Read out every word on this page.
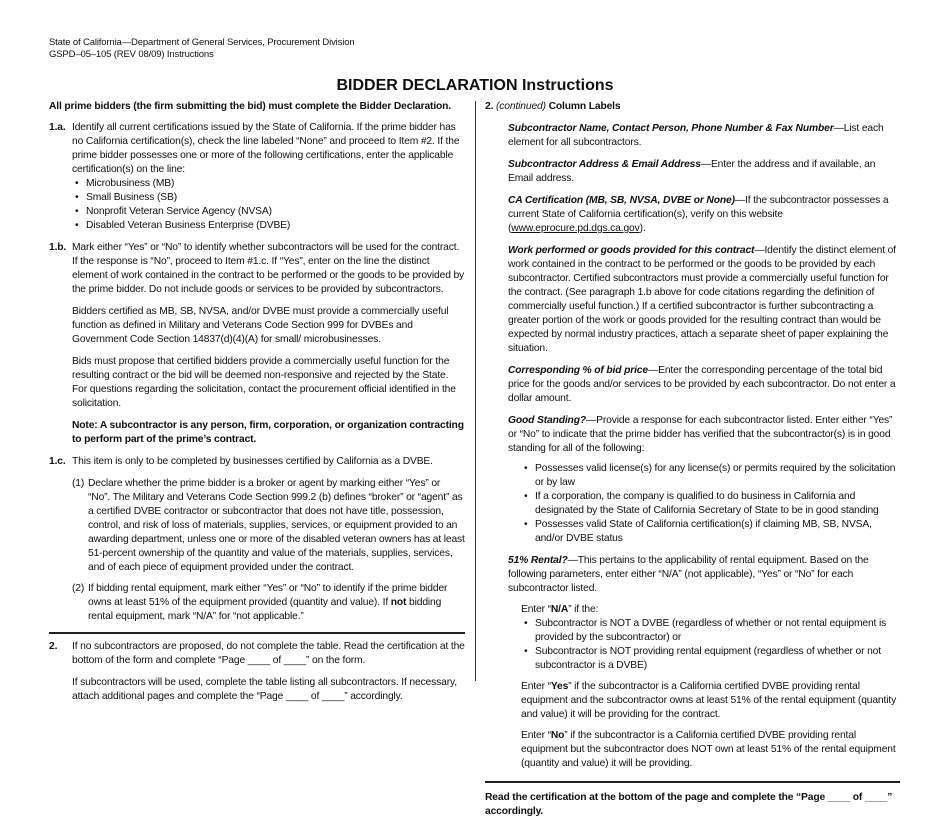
State of California—Department of General Services, Procurement Division
GSPD–05–105 (REV 08/09) Instructions
BIDDER DECLARATION Instructions

All prime bidders (the firm submitting the bid) must complete the Bidder Declaration.

1.a. Identify all current certifications issued by the State of California. If the prime bidder has no California certification(s), check the line labeled “None” and proceed to Item #2. If the prime bidder possesses one or more of the following certifications, enter the applicable certification(s) on the line:

• Microbusiness (MB)
• Small Business (SB)
• Nonprofit Veteran Service Agency (NVSA)
• Disabled Veteran Business Enterprise (DVBE)
1.b. Mark either “Yes” or “No” to identify whether subcontractors will be used for the contract. If the response is “No”, proceed to Item #1.c. If “Yes”, enter on the line the distinct element of work contained in the contract to be performed or the goods to be provided by the prime bidder. Do not include goods or services to be provided by subcontractors.

Bidders certified as MB, SB, NVSA, and/or DVBE must provide a commercially useful function as defined in Military and Veterans Code Section 999 for DVBEs and Government Code Section 14837(d)(4)(A) for small/ microbusinesses.

Bids must propose that certified bidders provide a commercially useful function for the resulting contract or the bid will be deemed non-responsive and rejected by the State. For questions regarding the solicitation, contact the procurement official identified in the solicitation.

Note: A subcontractor is any person, firm, corporation, or organization contracting to perform part of the prime’s contract.

1.c. This item is only to be completed by businesses certified by California as a DVBE.

(1) Declare whether the prime bidder is a broker or agent by marking either “Yes” or “No”. The Military and Veterans Code Section 999.2 (b) defines “broker” or “agent” as a certified DVBE contractor or subcontractor that does not have title, possession, control, and risk of loss of materials, supplies, services, or equipment provided to an awarding department, unless one or more of the disabled veteran owners has at least 51-percent ownership of the quantity and value of the materials, supplies, services, and of each piece of equipment provided under the contract.

(2) If bidding rental equipment, mark either “Yes” or “No” to identify if the prime bidder owns at least 51% of the equipment provided (quantity and value). If not bidding rental equipment, mark “N/A” for “not applicable.”

2. If no subcontractors are proposed, do not complete the table. Read the certification at the bottom of the form and complete “Page ____ of ____” on the form.

If subcontractors will be used, complete the table listing all subcontractors. If necessary, attach additional pages and complete the “Page ____ of ____” accordingly.

2. (continued) Column Labels

Subcontractor Name, Contact Person, Phone Number & Fax Number—List each element for all subcontractors.

Subcontractor Address & Email Address—Enter the address and if available, an Email address.

CA Certification (MB, SB, NVSA, DVBE or None)—If the subcontractor possesses a current State of California certification(s), verify on this website (www.eprocure.pd.dgs.ca.gov).

Work performed or goods provided for this contract—Identify the distinct element of work contained in the contract to be performed or the goods to be provided by each subcontractor. Certified subcontractors must provide a commercially useful function for the contract. (See paragraph 1.b above for code citations regarding the definition of commercially useful function.) If a certified subcontractor is further subcontracting a greater portion of the work or goods provided for the resulting contract than would be expected by normal industry practices, attach a separate sheet of paper explaining the situation.

Corresponding % of bid price—Enter the corresponding percentage of the total bid price for the goods and/or services to be provided by each subcontractor. Do not enter a dollar amount.

Good Standing?—Provide a response for each subcontractor listed. Enter either “Yes” or “No” to indicate that the prime bidder has verified that the subcontractor(s) is in good standing for all of the following:

• Possesses valid license(s) for any license(s) or permits required by the solicitation or by law
• If a corporation, the company is qualified to do business in California and designated by the State of California Secretary of State to be in good standing
• Possesses valid State of California certification(s) if claiming MB, SB, NVSA, and/or DVBE status

51% Rental?—This pertains to the applicability of rental equipment. Based on the following parameters, enter either “N/A” (not applicable), “Yes” or “No” for each subcontractor listed.

Enter “N/A” if the:

• Subcontractor is NOT a DVBE (regardless of whether or not rental equipment is provided by the subcontractor) or
• Subcontractor is NOT providing rental equipment (regardless of whether or not subcontractor is a DVBE)

Enter “Yes” if the subcontractor is a California certified DVBE providing rental equipment and the subcontractor owns at least 51% of the rental equipment (quantity and value) it will be providing for the contract.

Enter “No” if the subcontractor is a California certified DVBE providing rental equipment but the subcontractor does NOT own at least 51% of the rental equipment (quantity and value) it will be providing.

Read the certification at the bottom of the page and complete the “Page ____ of ____” accordingly.
